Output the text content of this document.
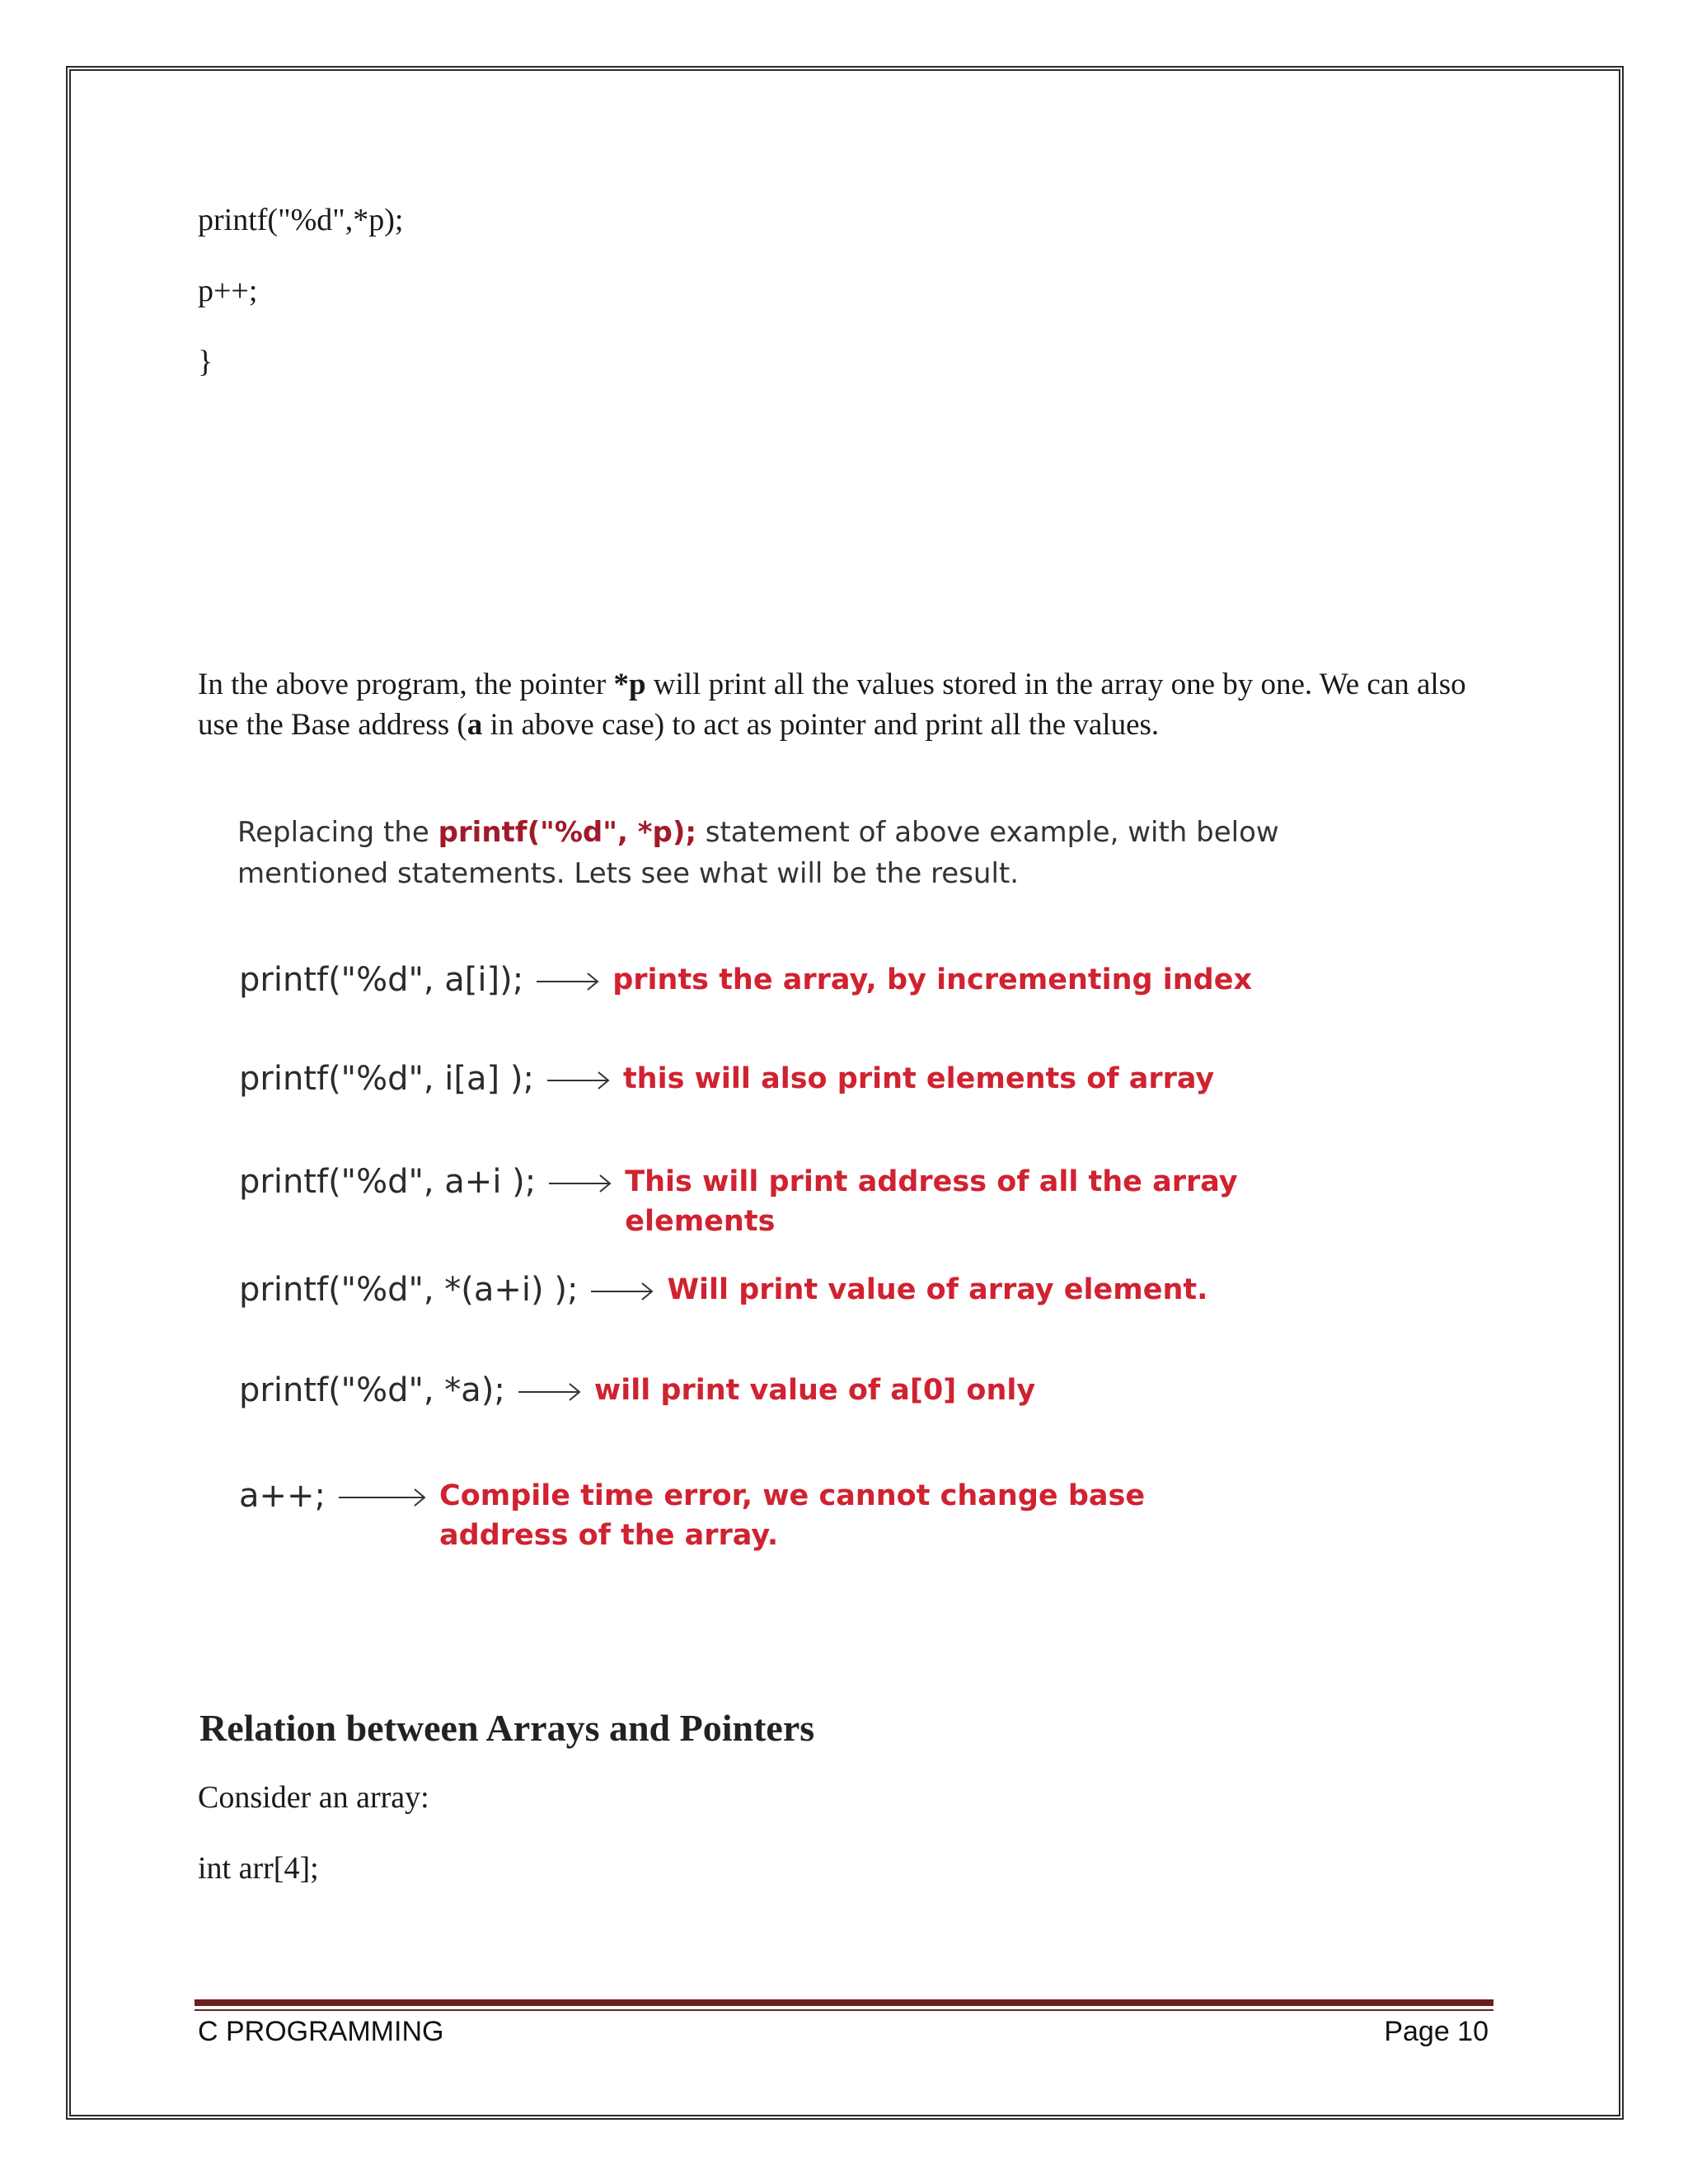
printf("%d",*p);
p++;
}
In the above program, the pointer *p will print all the values stored in the array one by one. We can also use the Base address (a in above case) to act as pointer and print all the values.
Replacing the printf("%d", *p); statement of above example, with below mentioned statements. Lets see what will be the result.
printf("%d", a[i]);	prints the array, by incrementing index
printf("%d", i[a] );	this will also print elements of array
printf("%d", a+i );	This will print address of all the array elements
printf("%d", *(a+i) );	Will print value of array element.
printf("%d", *a);	will print value of a[0] only
a++;	Compile time error, we cannot change base address of the array.
Relation between Arrays and Pointers
Consider an array:
int arr[4];
C PROGRAMMING	Page 10
